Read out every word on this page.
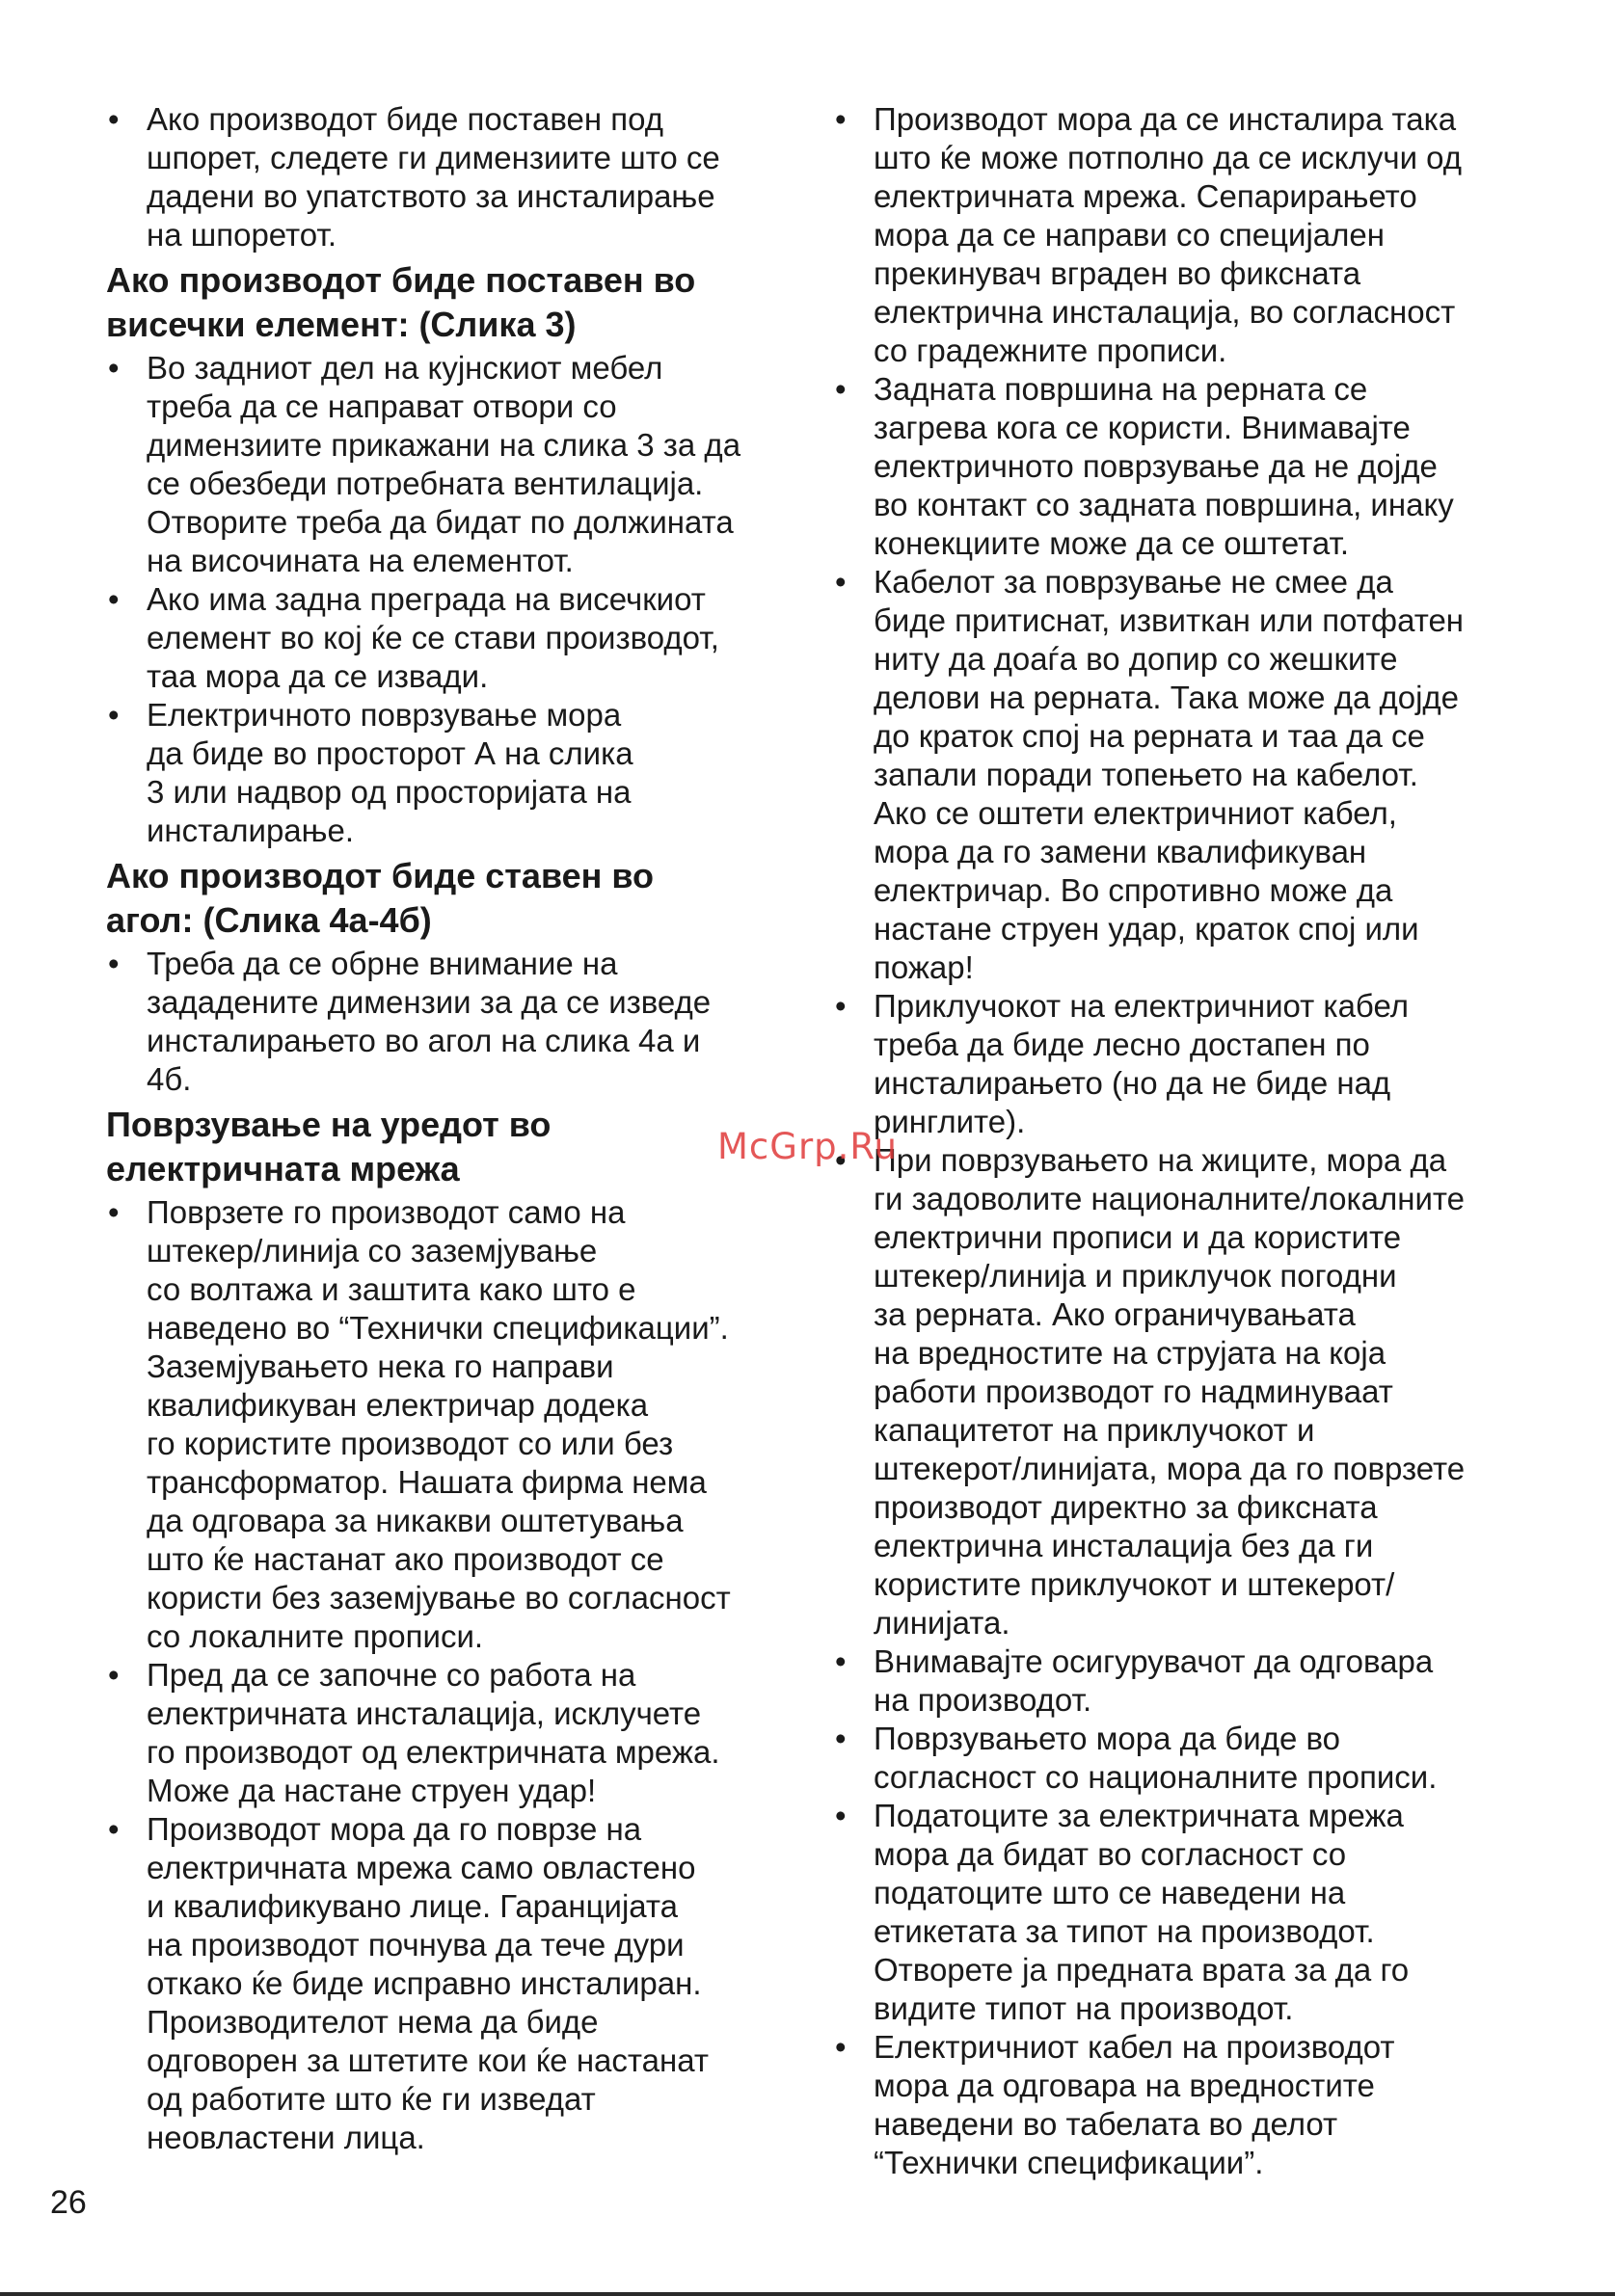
• Ако производот биде поставен под
шпорет, следете ги димензиите што се
дадени во упатството за инсталирање
на шпоретот.
Ако производот биде поставен во
висечки елемент: (Слика 3)
• Во задниот дел на кујнскиот мебел
треба да се направат отвори со
димензиите прикажани на слика 3 за да
се обезбеди потребната вентилација.
Отворите треба да бидат по должината
на височината на елементот.
• Ако има задна преграда на висечкиот
елемент во кој ќе се стави производот,
таа мора да се извади.
• Електричното поврзување мора
да биде во просторот А на слика
3 или надвор од просторијата на
инсталирање.
Ако производот биде ставен во
агол: (Слика 4а-4б)
• Треба да се обрне внимание на
зададените димензии за да се изведе
инсталирањето во агол на слика 4а и
4б.
Поврзување на уредот во
електричната мрежа
• Поврзете го производот само на
штекер/линија со заземјување
со волтажа и заштита како што е
наведено во “Технички спецификации”.
Заземјувањето нека го направи
квалификуван електричар додека
го користите производот со или без
трансформатор. Нашата фирма нема
да одговара за никакви оштетувања
што ќе настанат ако производот се
користи без заземјување во согласност
со локалните прописи.
• Пред да се започне со работа на
електричната инсталација, исклучете
го производот од електричната мрежа.
Може да настане струен удар!
• Производот мора да го поврзе на
електричната мрежа само овластено
и квалификувано лице. Гаранцијата
на производот почнува да тече дури
откако ќе биде исправно инсталиран.
Производителот нема да биде
одговорен за штетите кои ќе настанат
од работите што ќе ги изведат
неовластени лица.
• Производот мора да се инсталира така
што ќе може потполно да се исклучи од
електричната мрежа. Сепарирањето
мора да се направи со специјален
прекинувач вграден во фиксната
електрична инсталација, во согласност
со градежните прописи.
• Задната површина на рерната се
загрева кога се користи. Внимавајте
електричното поврзување да не дојде
во контакт со задната површина, инаку
конекциите може да се оштетат.
• Кабелот за поврзување не смее да
биде притиснат, извиткан или потфатен
ниту да доаѓа во допир со жешките
делови на рерната. Така може да дојде
до краток спој на рерната и таа да се
запали поради топењето на кабелот.
Ако се оштети електричниот кабел,
мора да го замени квалификуван
електричар. Во спротивно може да
настане струен удар, краток спој или
пожар!
• Приклучокот на електричниот кабел
треба да биде лесно достапен по
инсталирањето (но да не биде над
ринглите).
• При поврзувањето на жиците, мора да
ги задоволите националните/локалните
електрични прописи и да користите
штекер/линија и приклучок погодни
за рерната. Ако ограничувањата
на вредностите на струјата на која
работи производот го надминуваат
капацитетот на приклучокот и
штекерот/линијата, мора да го поврзете
производот директно за фиксната
електрична инсталација без да ги
користите приклучокот и штекерот/
линијата.
• Внимавајте осигурувачот да одговара
на производот.
• Поврзувањето мора да биде во
согласност со националните прописи.
• Податоците за електричната мрежа
мора да бидат во согласност со
податоците што се наведени на
етикетата за типот на производот.
Отворете ја предната врата за да го
видите типот на производот.
• Електричниот кабел на производот
мора да одговара на вредностите
наведени во табелата во делот
“Технички спецификации”.
McGrp.Ru
26
